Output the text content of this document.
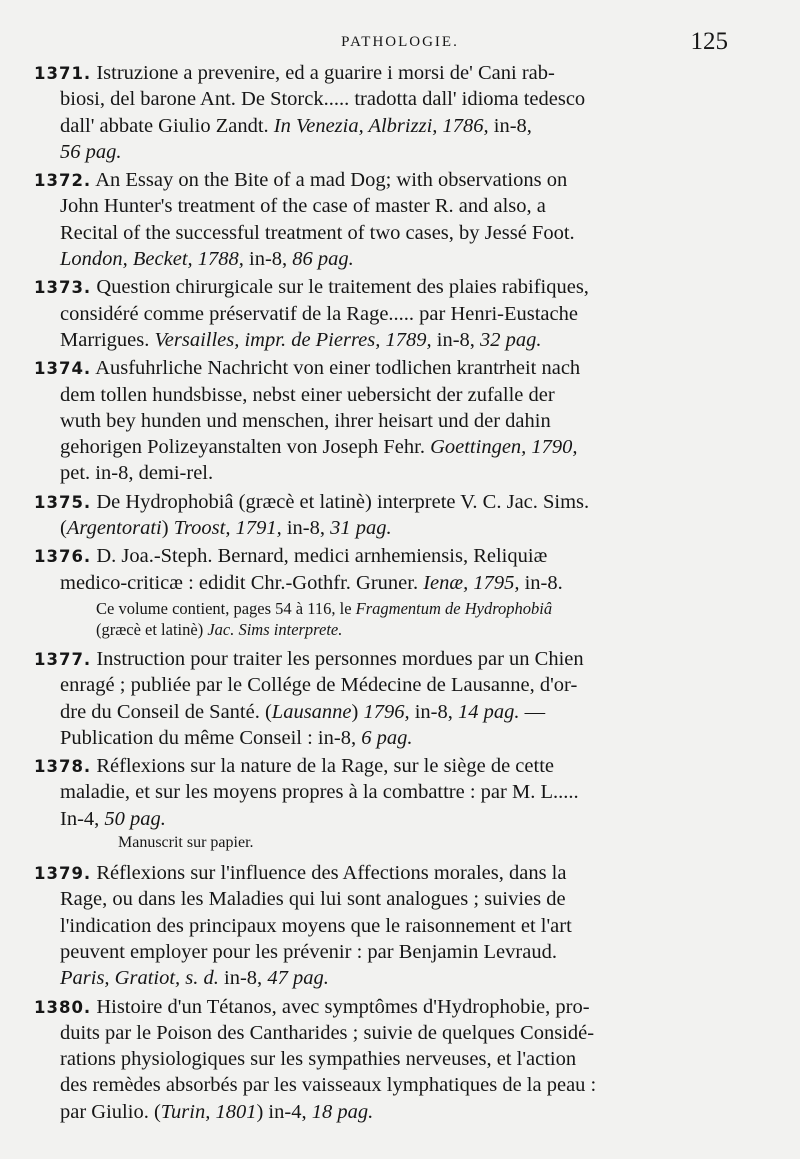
PATHOLOGIE.	125
1371. Istruzione a prevenire, ed a guarire i morsi de' Cani rab-
biosi, del barone Ant. De Storck..... tradotta dall' idioma tedesco
dall' abbate Giulio Zandt. In Venezia, Albrizzi, 1786, in-8,
56 pag.
1372. An Essay on the Bite of a mad Dog; with observations on
John Hunter's treatment of the case of master R. and also, a
Recital of the successful treatment of two cases, by Jessé Foot.
London, Becket, 1788, in-8, 86 pag.
1373. Question chirurgicale sur le traitement des plaies rabifiques,
considéré comme préservatif de la Rage..... par Henri-Eustache
Marrigues. Versailles, impr. de Pierres, 1789, in-8, 32 pag.
1374. Ausfuhrliche Nachricht von einer todlichen krantrheit nach
dem tollen hundsbisse, nebst einer uebersicht der zufalle der
wuth bey hunden und menschen, ihrer heisart und der dahin
gehorigen Polizeyanstalten von Joseph Fehr. Goettingen, 1790,
pet. in-8, demi-rel.
1375. De Hydrophobiâ (græcè et latinè) interprete V. C. Jac. Sims.
(Argentorati) Troost, 1791, in-8, 31 pag.
1376. D. Joa.-Steph. Bernard, medici arnhemiensis, Reliquiæ
medico-criticæ : edidit Chr.-Gothfr. Gruner. Ienæ, 1795, in-8.
Ce volume contient, pages 54 à 116, le Fragmentum de Hydrophobiâ
(græcè et latinè) Jac. Sims interprete.
1377. Instruction pour traiter les personnes mordues par un Chien
enragé ; publiée par le Collége de Médecine de Lausanne, d'or-
dre du Conseil de Santé. (Lausanne) 1796, in-8, 14 pag. —
Publication du même Conseil : in-8, 6 pag.
1378. Réflexions sur la nature de la Rage, sur le siège de cette
maladie, et sur les moyens propres à la combattre : par M. L.....
In-4, 50 pag.
Manuscrit sur papier.
1379. Réflexions sur l'influence des Affections morales, dans la
Rage, ou dans les Maladies qui lui sont analogues ; suivies de
l'indication des principaux moyens que le raisonnement et l'art
peuvent employer pour les prévenir : par Benjamin Levraud.
Paris, Gratiot, s. d. in-8, 47 pag.
1380. Histoire d'un Tétanos, avec symptômes d'Hydrophobie, pro-
duits par le Poison des Cantharides ; suivie de quelques Considé-
rations physiologiques sur les sympathies nerveuses, et l'action
des remèdes absorbés par les vaisseaux lymphatiques de la peau :
par Giulio. (Turin, 1801) in-4, 18 pag.
